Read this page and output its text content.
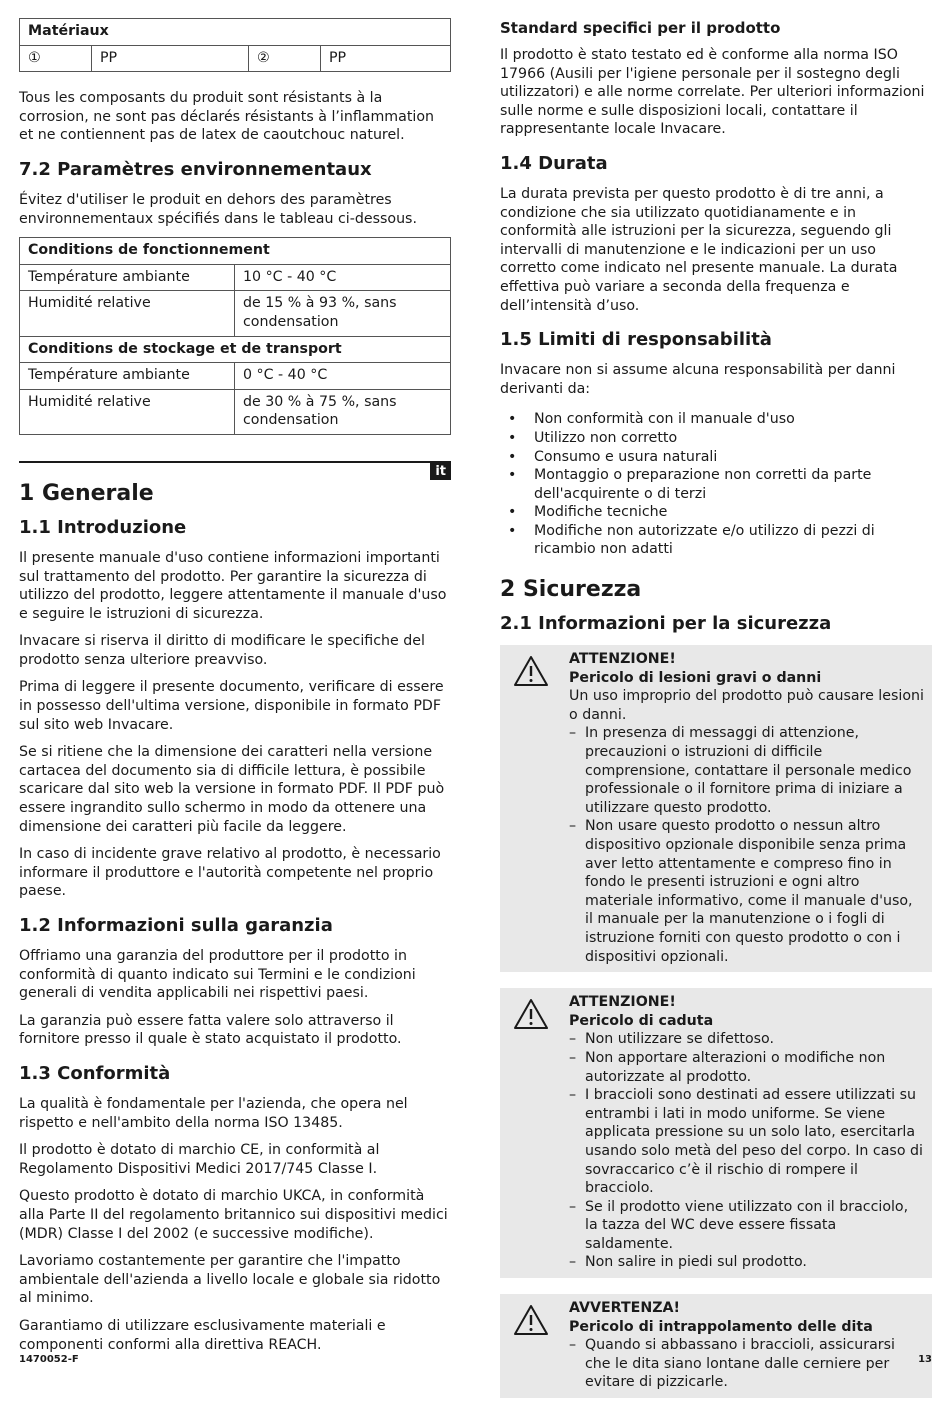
Matériaux
①	PP	②	PP

Tous les composants du produit sont résistants à la corrosion, ne sont pas déclarés résistants à l’inflammation et ne contiennent pas de latex de caoutchouc naturel.

7.2 Paramètres environnementaux

Évitez d'utiliser le produit en dehors des paramètres environnementaux spécifiés dans le tableau ci-dessous.

Conditions de fonctionnement	
Température ambiante	10 °C - 40 °C
Humidité relative	de 15 % à 93 %, sans condensation
Conditions de stockage et de transport	
Température ambiante	0 °C - 40 °C
Humidité relative	de 30 % à 75 %, sans condensation
it
1 Generale
1.1 Introduzione

Il presente manuale d'uso contiene informazioni importanti sul trattamento del prodotto. Per garantire la sicurezza di utilizzo del prodotto, leggere attentamente il manuale d'uso e seguire le istruzioni di sicurezza.

Invacare si riserva il diritto di modificare le specifiche del prodotto senza ulteriore preavviso.

Prima di leggere il presente documento, verificare di essere in possesso dell'ultima versione, disponibile in formato PDF sul sito web Invacare.

Se si ritiene che la dimensione dei caratteri nella versione cartacea del documento sia di difficile lettura, è possibile scaricare dal sito web la versione in formato PDF. Il PDF può essere ingrandito sullo schermo in modo da ottenere una dimensione dei caratteri più facile da leggere.

In caso di incidente grave relativo al prodotto, è necessario informare il produttore e l'autorità competente nel proprio paese.

1.2 Informazioni sulla garanzia

Offriamo una garanzia del produttore per il prodotto in conformità di quanto indicato sui Termini e le condizioni generali di vendita applicabili nei rispettivi paesi.

La garanzia può essere fatta valere solo attraverso il fornitore presso il quale è stato acquistato il prodotto.

1.3 Conformità

La qualità è fondamentale per l'azienda, che opera nel rispetto e nell'ambito della norma ISO 13485.

Il prodotto è dotato di marchio CE, in conformità al Regolamento Dispositivi Medici 2017/745 Classe I.

Questo prodotto è dotato di marchio UKCA, in conformità alla Parte II del regolamento britannico sui dispositivi medici (MDR) Classe I del 2002 (e successive modifiche).

Lavoriamo costantemente per garantire che l'impatto ambientale dell'azienda a livello locale e globale sia ridotto al minimo.

Garantiamo di utilizzare esclusivamente materiali e componenti conformi alla direttiva REACH.

Standard specifici per il prodotto

Il prodotto è stato testato ed è conforme alla norma ISO 17966 (Ausili per l'igiene personale per il sostegno degli utilizzatori) e alle norme correlate. Per ulteriori informazioni sulle norme e sulle disposizioni locali, contattare il rappresentante locale Invacare.

1.4 Durata

La durata prevista per questo prodotto è di tre anni, a condizione che sia utilizzato quotidianamente e in conformità alle istruzioni per la sicurezza, seguendo gli intervalli di manutenzione e le indicazioni per un uso corretto come indicato nel presente manuale. La durata effettiva può variare a seconda della frequenza e dell’intensità d’uso.

1.5 Limiti di responsabilità

Invacare non si assume alcuna responsabilità per danni derivanti da:

• Non conformità con il manuale d'uso
• Utilizzo non corretto
• Consumo e usura naturali
• Montaggio o preparazione non corretti da parte dell'acquirente o di terzi
• Modifiche tecniche
• Modifiche non autorizzate e/o utilizzo di pezzi di ricambio non adatti
2 Sicurezza
2.1 Informazioni per la sicurezza
ATTENZIONE!
Pericolo di lesioni gravi o danni
Un uso improprio del prodotto può causare lesioni o danni.
– In presenza di messaggi di attenzione, precauzioni o istruzioni di difficile comprensione, contattare il personale medico professionale o il fornitore prima di iniziare a utilizzare questo prodotto.
– Non usare questo prodotto o nessun altro dispositivo opzionale disponibile senza prima aver letto attentamente e compreso fino in fondo le presenti istruzioni e ogni altro materiale informativo, come il manuale d'uso, il manuale per la manutenzione o i fogli di istruzione forniti con questo prodotto o con i dispositivi opzionali.
ATTENZIONE!
Pericolo di caduta
– Non utilizzare se difettoso.
– Non apportare alterazioni o modifiche non autorizzate al prodotto.
– I braccioli sono destinati ad essere utilizzati su entrambi i lati in modo uniforme. Se viene applicata pressione su un solo lato, esercitarla usando solo metà del peso del corpo. In caso di sovraccarico c’è il rischio di rompere il bracciolo.
– Se il prodotto viene utilizzato con il bracciolo, la tazza del WC deve essere fissata saldamente.
– Non salire in piedi sul prodotto.
AVVERTENZA!
Pericolo di intrappolamento delle dita
– Quando si abbassano i braccioli, assicurarsi che le dita siano lontane dalle cerniere per evitare di pizzicarle.
1470052-F	13
